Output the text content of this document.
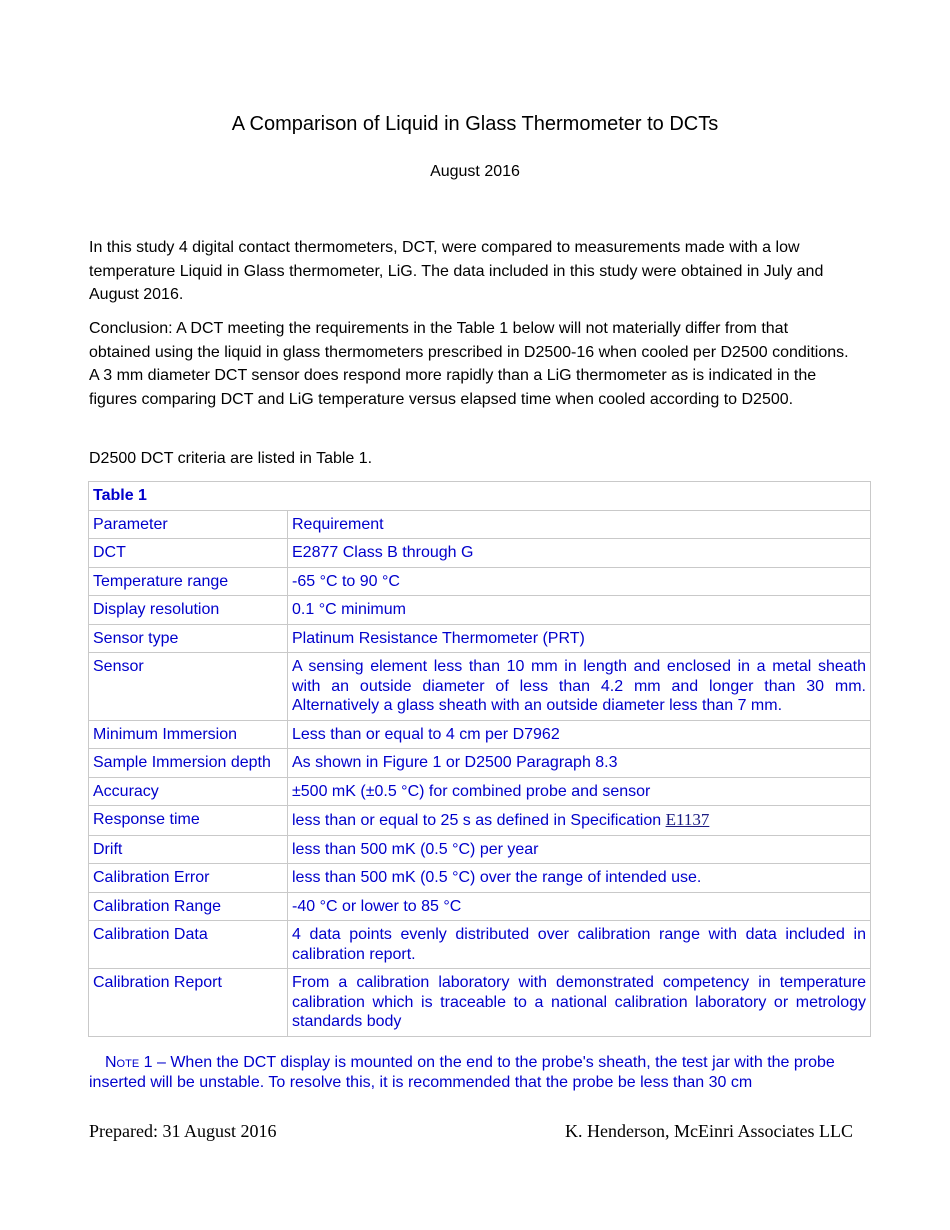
A Comparison of Liquid in Glass Thermometer to DCTs
August 2016
In this study 4 digital contact thermometers, DCT, were compared to measurements made with a low temperature Liquid in Glass thermometer, LiG. The data included in this study were obtained in July and August 2016.
Conclusion: A DCT meeting the requirements in the Table 1 below will not materially differ from that obtained using the liquid in glass thermometers prescribed in D2500-16 when cooled per D2500 conditions. A 3 mm diameter DCT sensor does respond more rapidly than a LiG thermometer as is indicated in the figures comparing DCT and LiG temperature versus elapsed time when cooled according to D2500.
D2500 DCT criteria are listed in Table 1.
Table 1	
Parameter	Requirement
DCT	E2877 Class B through G
Temperature range	-65 °C to 90 °C
Display resolution	0.1 °C minimum
Sensor type	Platinum Resistance Thermometer (PRT)
Sensor	A sensing element less than 10 mm in length and enclosed in a metal sheath with an outside diameter of less than 4.2 mm and longer than 30 mm. Alternatively a glass sheath with an outside diameter less than 7 mm.
Minimum Immersion	Less than or equal to 4 cm per D7962
Sample Immersion depth	As shown in Figure 1 or D2500 Paragraph 8.3
Accuracy	±500 mK (±0.5 °C) for combined probe and sensor
Response time	less than or equal to 25 s as defined in Specification E1137
Drift	less than 500 mK (0.5 °C) per year
Calibration Error	less than 500 mK (0.5 °C) over the range of intended use.
Calibration Range	-40 °C or lower to 85 °C
Calibration Data	4 data points evenly distributed over calibration range with data included in calibration report.
Calibration Report	From a calibration laboratory with demonstrated competency in temperature calibration which is traceable to a national calibration laboratory or metrology standards body
Note 1 – When the DCT display is mounted on the end to the probe's sheath, the test jar with the probe inserted will be unstable. To resolve this, it is recommended that the probe be less than 30 cm
Prepared: 31 August 2016	K. Henderson, McEinri Associates LLC
